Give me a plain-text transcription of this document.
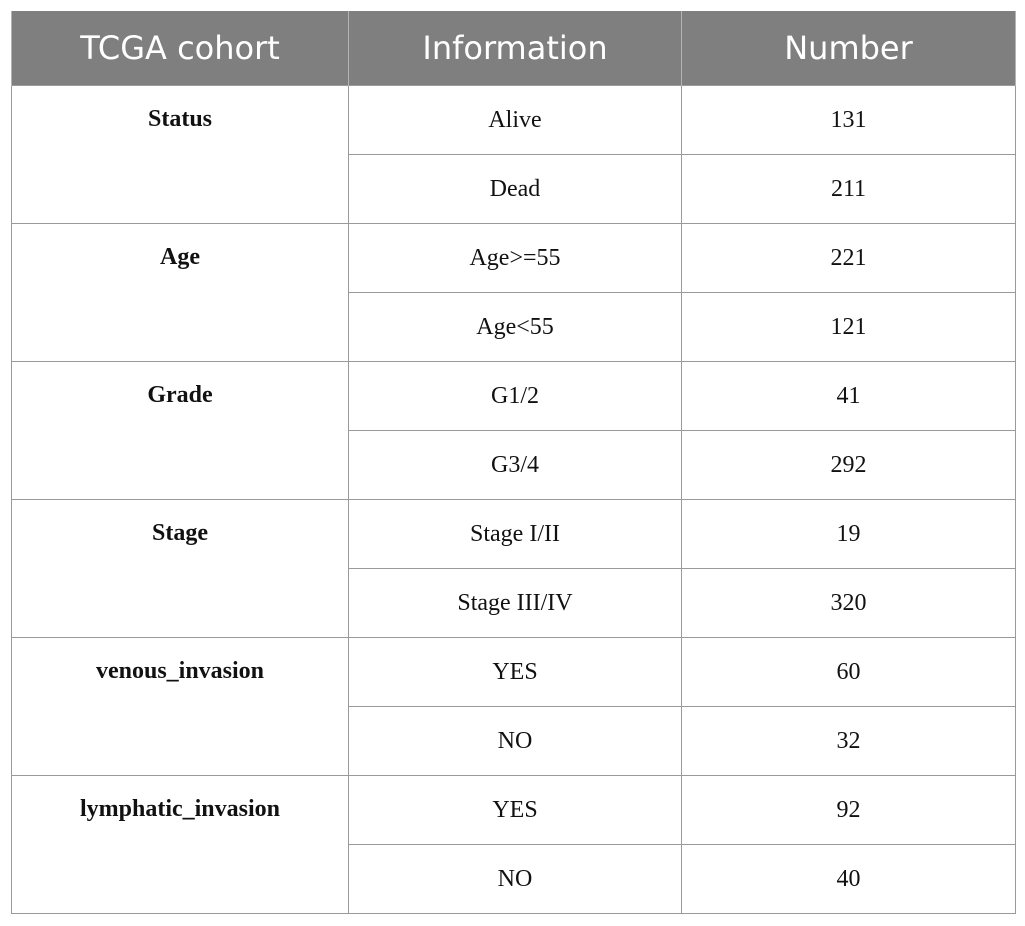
TCGA cohort	Information	Number
Status	Alive	131
	Dead	211
Age	Age>=55	221
	Age<55	121
Grade	G1/2	41
	G3/4	292
Stage	Stage I/II	19
	Stage III/IV	320
venous_invasion	YES	60
	NO	32
lymphatic_invasion	YES	92
	NO	40
